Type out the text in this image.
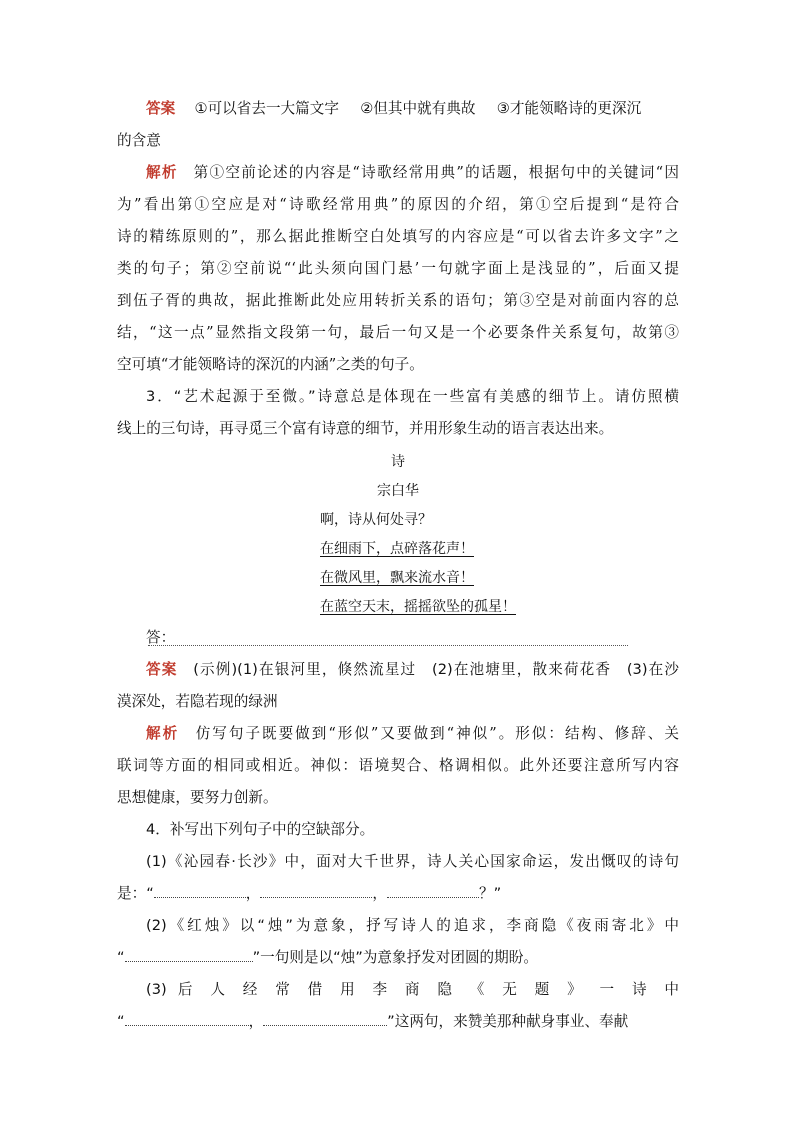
答案 ①可以省去一大篇文字 ②但其中就有典故 ③才能领略诗的更深沉
的含意
解析　 第①空前论述的内容是“诗歌经常用典”的话题，根据句中的关键词“因
为”看出第①空应是对“诗歌经常用典”的原因的介绍，第①空后提到“是符合
诗的精练原则的”，那么据此推断空白处填写的内容应是“可以省去许多文字”之
类的句子；第②空前说“‘此头须向国门悬’一句就字面上是浅显的”，后面又提
到伍子胥的典故，据此推断此处应用转折关系的语句；第③空是对前面内容的总
结，“这一点”显然指文段第一句，最后一句又是一个必要条件关系复句，故第③
空可填“才能领略诗的深沉的内涵”之类的句子。
3．“艺术起源于至微。”诗意总是体现在一些富有美感的细节上。请仿照横
线上的三句诗，再寻觅三个富有诗意的细节，并用形象生动的语言表达出来。
诗
宗白华
啊，诗从何处寻？
在细雨下，点碎落花声！
在微风里，飘来流水音！
在蓝空天末，摇摇欲坠的孤星！
答：
答案　 (示例)(1)在银河里，倏然流星过　(2)在池塘里，散来荷花香　(3)在沙
漠深处，若隐若现的绿洲
解析　 仿写句子既要做到“形似”又要做到“神似”。形似：结构、修辞、关
联词等方面的相同或相近。神似：语境契合、格调相似。此外还要注意所写内容
思想健康，要努力创新。
4．补写出下列句子中的空缺部分。
(1)《沁园春·长沙》中，面对大千世界，诗人关心国家命运，发出慨叹的诗句
是：“	，	，	？”
(2)《红烛》以“烛”为意象，抒写诗人的追求，李商隐《夜雨寄北》中
“	”一句则是以“烛”为意象抒发对团圆的期盼。
(3) 后 人 经 常 借 用 李 商 隐 《 无 题 》 一 诗 中
“	，	”这两句，来赞美那种献身事业、奉献
